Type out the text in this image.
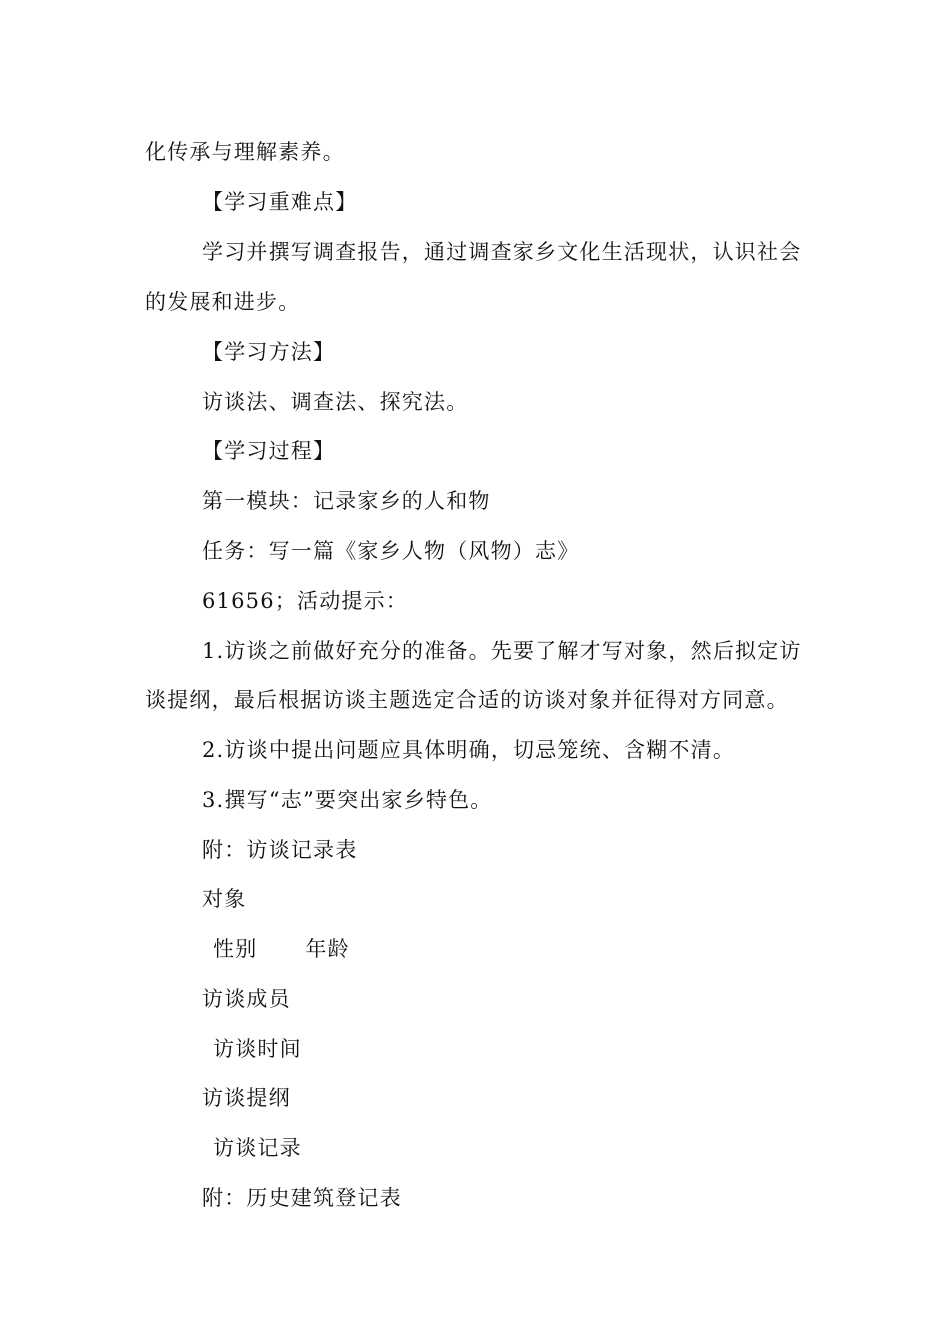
化传承与理解素养。
【学习重难点】
学习并撰写调查报告，通过调查家乡文化生活现状，认识社会
的发展和进步。
【学习方法】
访谈法、调查法、探究法。
【学习过程】
第一模块：记录家乡的人和物
任务：写一篇《家乡人物（风物）志》
61656；活动提示：
1.访谈之前做好充分的准备。先要了解才写对象，然后拟定访
谈提纲，最后根据访谈主题选定合适的访谈对象并征得对方同意。
2.访谈中提出问题应具体明确，切忌笼统、含糊不清。
3.撰写“志”要突出家乡特色。
附：访谈记录表
对象
性别 年龄
访谈成员
访谈时间
访谈提纲
访谈记录
附：历史建筑登记表
